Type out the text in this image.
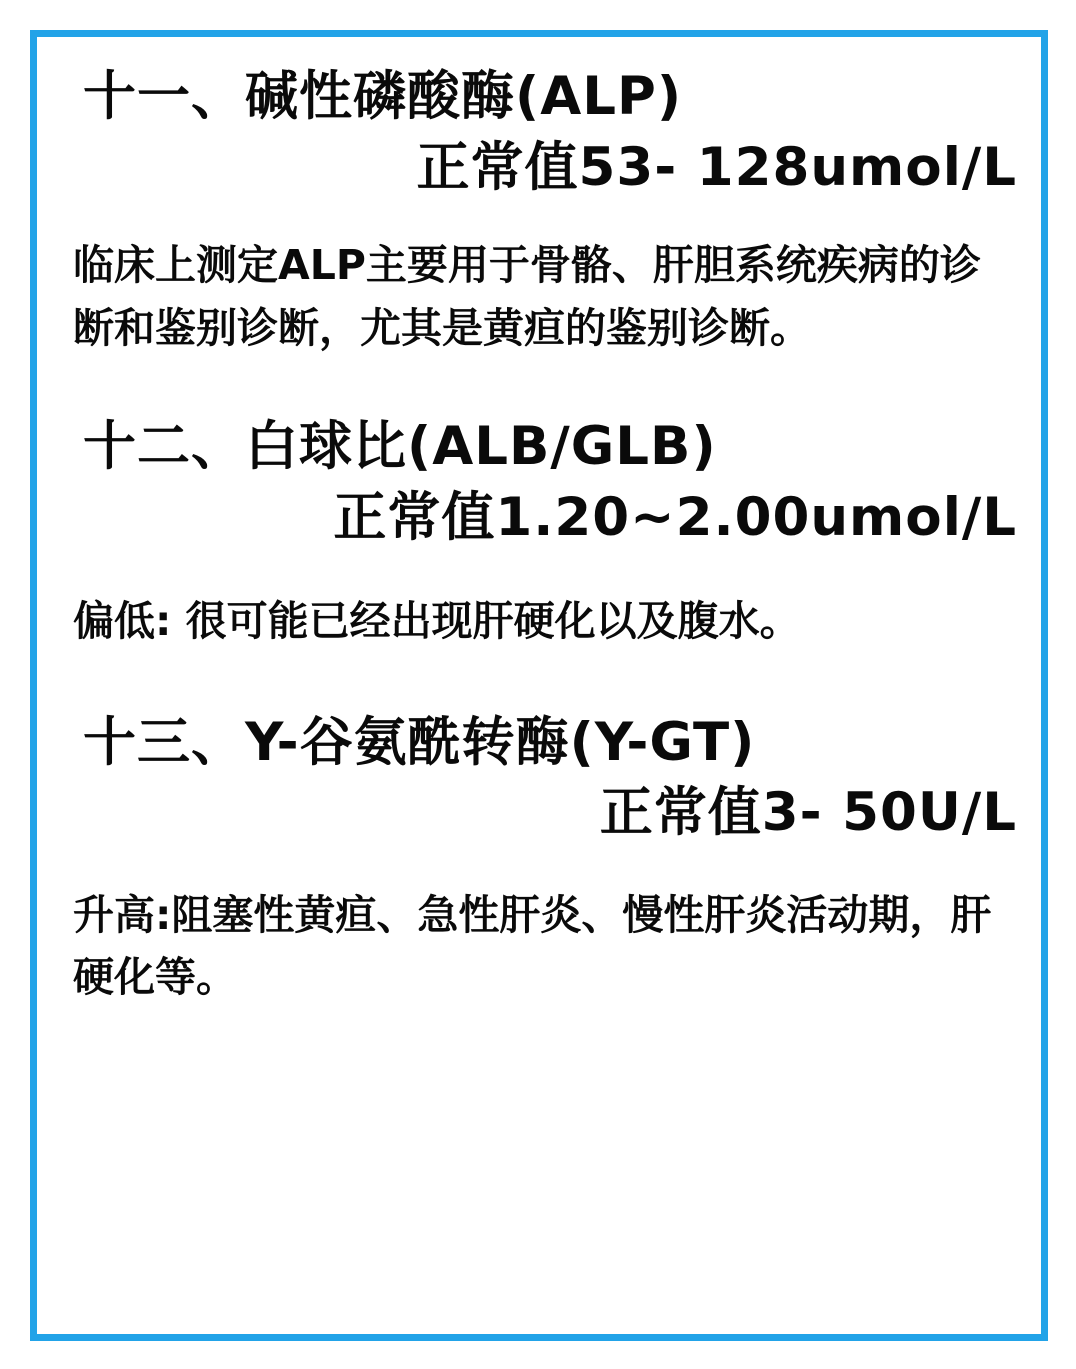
十一、碱性磷酸酶(ALP)
正常值53- 128umol/L
临床上测定ALP主要用于骨骼、肝胆系统疾病的诊断和鉴别诊断，尤其是黄疸的鉴别诊断。
十二、白球比(ALB/GLB)
正常值1.20~2.00umol/L
偏低: 很可能已经出现肝硬化以及腹水。
十三、Y-谷氨酰转酶(Y-GT)
正常值3- 50U/L
升高:阻塞性黄疸、急性肝炎、慢性肝炎活动期，肝硬化等。
